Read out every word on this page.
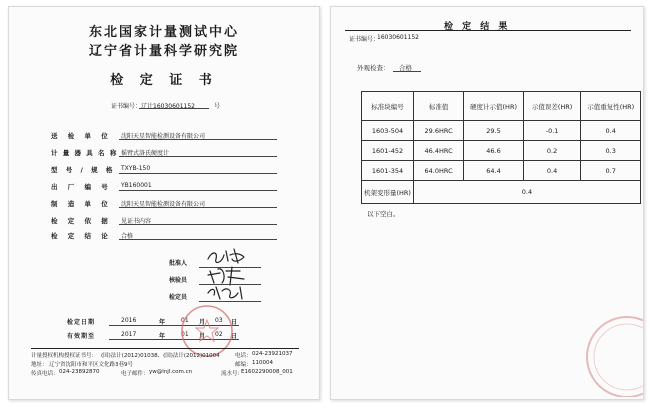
东北国家计量测试中心
辽宁省计量科学研究院
检 定 证 书
证书编号： 辽计16030601152	号
送 检 单 位 沈阳天星智能检测设备有限公司
计 量 器 具 名 称 摇臂式洛氏硬度计
型 号 / 规 格 TXYB-150
出 厂 编 号 YB160001
制 造 单 位 沈阳天星智能检测设备有限公司
检 定 依 据 见证书内容
检 定 结 论 合格
批准人
核验员
检定员
检定日期	2016	年	01 月 03 日
有效期至	2017	年	01 月 02 日
计量授权机构授权证书号： (国)法计(2012)01038、(国)法计(2012)01004	电话： 024-23921037
地址： 辽宁省沈阳市和平区文化路3巷9号	邮编： 110004
传真电话： 024-23892870	电子邮件： yw@lnjl.com.cn	流水号：
E1602290008_001
检 定 结 果
证书编号：
16030601152
外观检查： 合格
标准块编号	标准值	硬度计示值(HR)	示值误差(HR)	示值重复性(HR)
1603-504	29.6HRC	29.5	-0.1	0.4
1601-452	46.4HRC	46.6	0.2	0.3
1601-354	64.0HRC	64.4	0.4	0.7
机架变形量(HR)	0.4			
以下空白。
